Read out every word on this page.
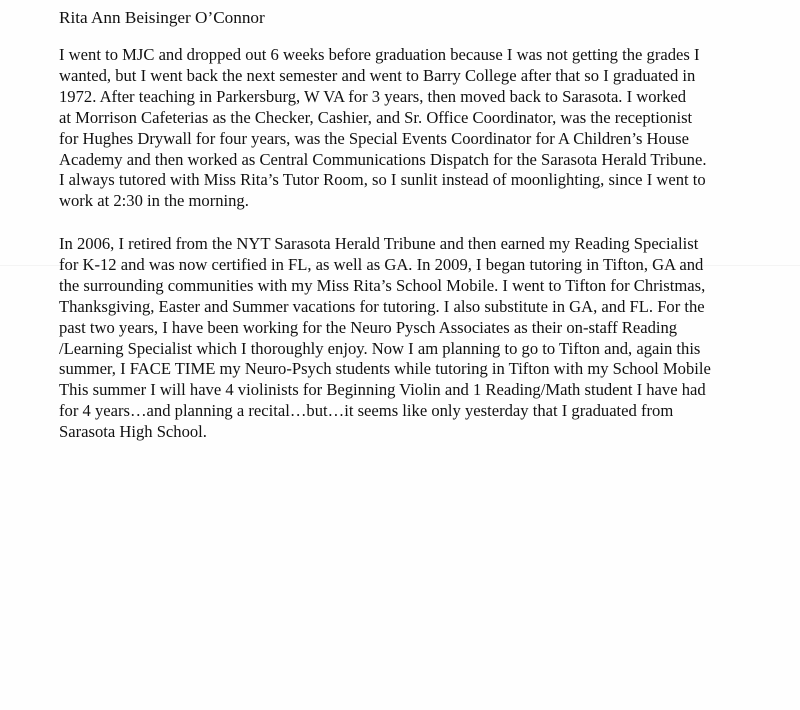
Rita Ann Beisinger O’Connor

I went to MJC and dropped out 6 weeks before graduation because I was not getting the grades I
wanted, but I went back the next semester and went to Barry College after that so I graduated in
1972. After teaching in Parkersburg, W VA for 3 years, then moved back to Sarasota. I worked
at Morrison Cafeterias as the Checker, Cashier, and Sr. Office Coordinator, was the receptionist
for Hughes Drywall for four years, was the Special Events Coordinator for A Children’s House
Academy and then worked as Central Communications Dispatch for the Sarasota Herald Tribune.
I always tutored with Miss Rita’s Tutor Room, so I sunlit instead of moonlighting, since I went to
work at 2:30 in the morning.

In 2006, I retired from the NYT Sarasota Herald Tribune and then earned my Reading Specialist
for K-12 and was now certified in FL, as well as GA. In 2009, I began tutoring in Tifton, GA and
the surrounding communities with my Miss Rita’s School Mobile. I went to Tifton for Christmas,
Thanksgiving, Easter and Summer vacations for tutoring. I also substitute in GA, and FL. For the
past two years, I have been working for the Neuro Pysch Associates as their on-staff Reading
/Learning Specialist which I thoroughly enjoy. Now I am planning to go to Tifton and, again this
summer, I FACE TIME my Neuro-Psych students while tutoring in Tifton with my School Mobile
This summer I will have 4 violinists for Beginning Violin and 1 Reading/Math student I have had
for 4 years…and planning a recital…but…it seems like only yesterday that I graduated from
Sarasota High School.
